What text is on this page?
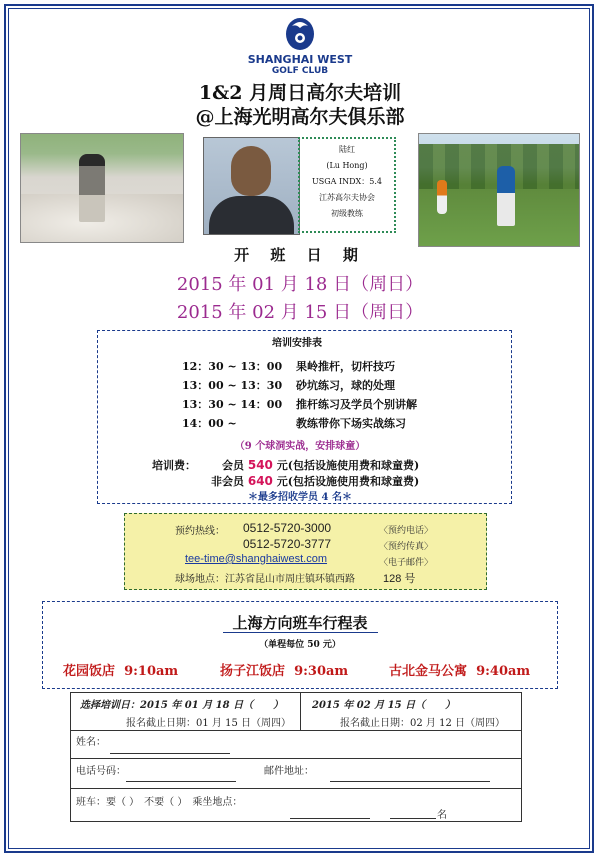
SHANGHAI WEST
GOLF CLUB
1&2 月周日高尔夫培训
@上海光明高尔夫俱乐部
陆红
(Lu Hong)
USGA INDX：5.4
江苏高尔夫协会
初级教练
开 班 日 期
2015 年 01 月 18 日（周日）
2015 年 02 月 15 日（周日）
培训安排表
12：30 ~ 13：00	果岭推杆，切杆技巧
13：00 ~ 13：30	砂坑练习，球的处理
13：30 ~ 14：00	推杆练习及学员个别讲解
14：00 ~	教练带你下场实战练习
（9 个球洞实战，安排球童）
培训费： 会员 540 元(包括设施使用费和球童费)
非会员 640 元(包括设施使用费和球童费)
＊最多招收学员 4 名＊
预约热线： 0512-5720-3000	〈预约电话〉
0512-5720-3777	〈预约传真〉
tee-time@shanghaiwest.com	〈电子邮件〉
球场地点：江苏省昆山市周庄镇环镇西路	128 号
上海方向班车行程表
（单程每位 50 元）
花园饭店 9:10am	扬子江饭店 9:30am	古北金马公寓 9:40am
选择培训日：2015 年 01 月 18 日（　　）	2015 年 02 月 15 日（　　）
报名截止日期：01 月 15 日（周四）	报名截止日期：02 月 12 日（周四）
姓名：
电话号码：	邮件地址：
班车：要（ ）　不要（ ）　乘坐地点：
名
